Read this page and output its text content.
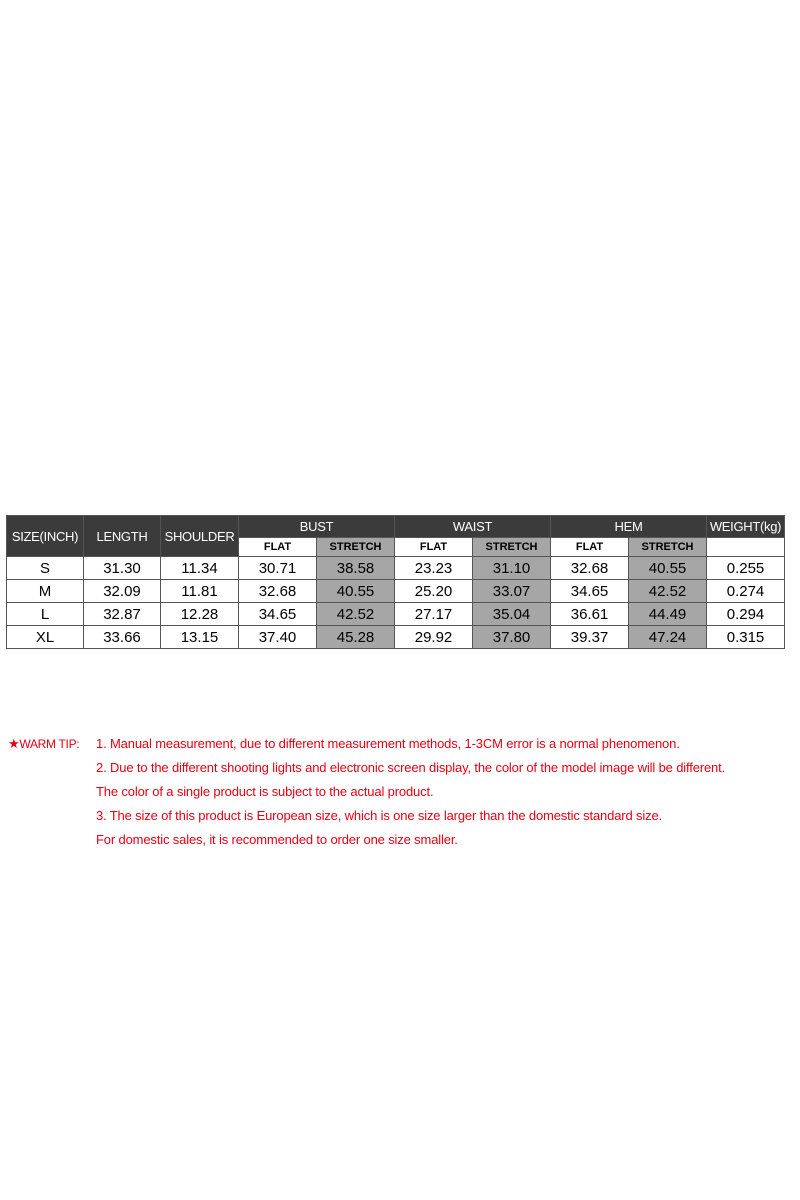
SIZE(INCH)	LENGTH	SHOULDER	BUST		WAIST		HEM		WEIGHT(kg)
			FLAT	STRETCH	FLAT	STRETCH	FLAT	STRETCH	
S	31.30	11.34	30.71	38.58	23.23	31.10	32.68	40.55	0.255
M	32.09	11.81	32.68	40.55	25.20	33.07	34.65	42.52	0.274
L	32.87	12.28	34.65	42.52	27.17	35.04	36.61	44.49	0.294
XL	33.66	13.15	37.40	45.28	29.92	37.80	39.37	47.24	0.315
★WARM TIP: 1. Manual measurement, due to different measurement methods, 1-3CM error is a normal phenomenon.
2. Due to the different shooting lights and electronic screen display, the color of the model image will be different.
The color of a single product is subject to the actual product.
3. The size of this product is European size, which is one size larger than the domestic standard size.
For domestic sales, it is recommended to order one size smaller.
